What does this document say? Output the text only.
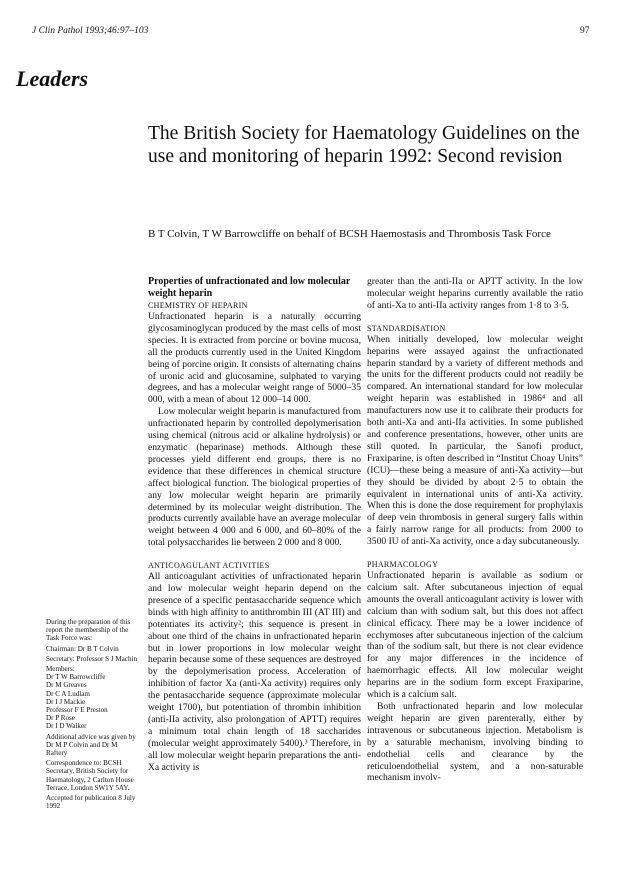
J Clin Pathol 1993;46:97–103	97
Leaders
The British Society for Haematology Guidelines on the use and monitoring of heparin 1992: Second revision
B T Colvin, T W Barrowcliffe on behalf of BCSH Haemostasis and Thrombosis Task Force

During the preparation of this report the membership of the Task Force was:

Chairman: Dr B T Colvin

Secretary: Professor S J Machin

Members:
Dr T W Barrowcliffe
Dr M Greaves
Dr C A Ludlam
Dr I J Mackie
Professor F E Preston
Dr P Rose
Dr I D Walker

Additional advice was given by Dr M P Colvin and Dr M Raftery

Correspondence to: BCSH Secretary, British Society for Haematology, 2 Carlton House Terrace, London SW1Y 5AY.

Accepted for publication 8 July 1992

Properties of unfractionated and low molecular weight heparin
CHEMISTRY OF HEPARIN

Unfractionated heparin is a naturally occurring glycosaminoglycan produced by the mast cells of most species. It is extracted from porcine or bovine mucosa, all the products currently used in the United Kingdom being of porcine origin. It consists of alternating chains of uronic acid and glucosamine, sulphated to varying degrees, and has a molecular weight range of 5000–35 000, with a mean of about 12 000–14 000.

Low molecular weight heparin is manufactured from unfractionated heparin by controlled depolymerisation using chemical (nitrous acid or alkaline hydrolysis) or enzymatic (heparinase) methods. Although these processes yield different end groups, there is no evidence that these differences in chemical structure affect biological function. The biological properties of any low molecular weight heparin are primarily determined by its molecular weight distribution. The products currently available have an average molecular weight between 4 000 and 6 000, and 60–80% of the total polysaccharides lie between 2 000 and 8 000.

ANTICOAGULANT ACTIVITIES

All anticoagulant activities of unfractionated heparin and low molecular weight heparin depend on the presence of a specific pentasaccharide sequence which binds with high affinity to antithrombin III (AT III) and potentiates its activity²; this sequence is present in about one third of the chains in unfractionated heparin but in lower proportions in low molecular weight heparin because some of these sequences are destroyed by the depolymerisation process. Acceleration of inhibition of factor Xa (anti-Xa activity) requires only the pentasaccharide sequence (approximate molecular weight 1700), but potentiation of thrombin inhibition (anti-IIa activity, also prolongation of APTT) requires a minimum total chain length of 18 saccharides (molecular weight approximately 5400).³ Therefore, in all low molecular weight heparin preparations the anti-Xa activity is

greater than the anti-IIa or APTT activity. In the low molecular weight heparins currently available the ratio of anti-Xa to anti-IIa activity ranges from 1·8 to 3·5.

STANDARDISATION

When initially developed, low molecular weight heparins were assayed against the unfractionated heparin standard by a variety of different methods and the units for the different products could not readily be compared. An international standard for low molecular weight heparin was established in 1986⁴ and all manufacturers now use it to calibrate their products for both anti-Xa and anti-IIa activities. In some published and conference presentations, however, other units are still quoted. In particular, the Sanofi product, Fraxiparine, is often described in “Institut Choay Units” (ICU)—these being a measure of anti-Xa activity—but they should be divided by about 2·5 to obtain the equivalent in international units of anti-Xa activity. When this is done the dose requirement for prophylaxis of deep vein thrombosis in general surgery falls within a fairly narrow range for all products: from 2000 to 3500 IU of anti-Xa activity, once a day subcutaneously.

PHARMACOLOGY

Unfractionated heparin is available as sodium or calcium salt. After subcutaneous injection of equal amounts the overall anticoagulant activity is lower with calcium than with sodium salt, but this does not affect clinical efficacy. There may be a lower incidence of ecchymoses after subcutaneous injection of the calcium than of the sodium salt, but there is not clear evidence for any major differences in the incidence of haemorrhagic effects. All low molecular weight heparins are in the sodium form except Fraxiparine, which is a calcium salt.

Both unfractionated heparin and low molecular weight heparin are given parenterally, either by intravenous or subcutaneous injection. Metabolism is by a saturable mechanism, involving binding to endothelial cells and clearance by the reticuloendothelial system, and a non-saturable mechanism involv-
